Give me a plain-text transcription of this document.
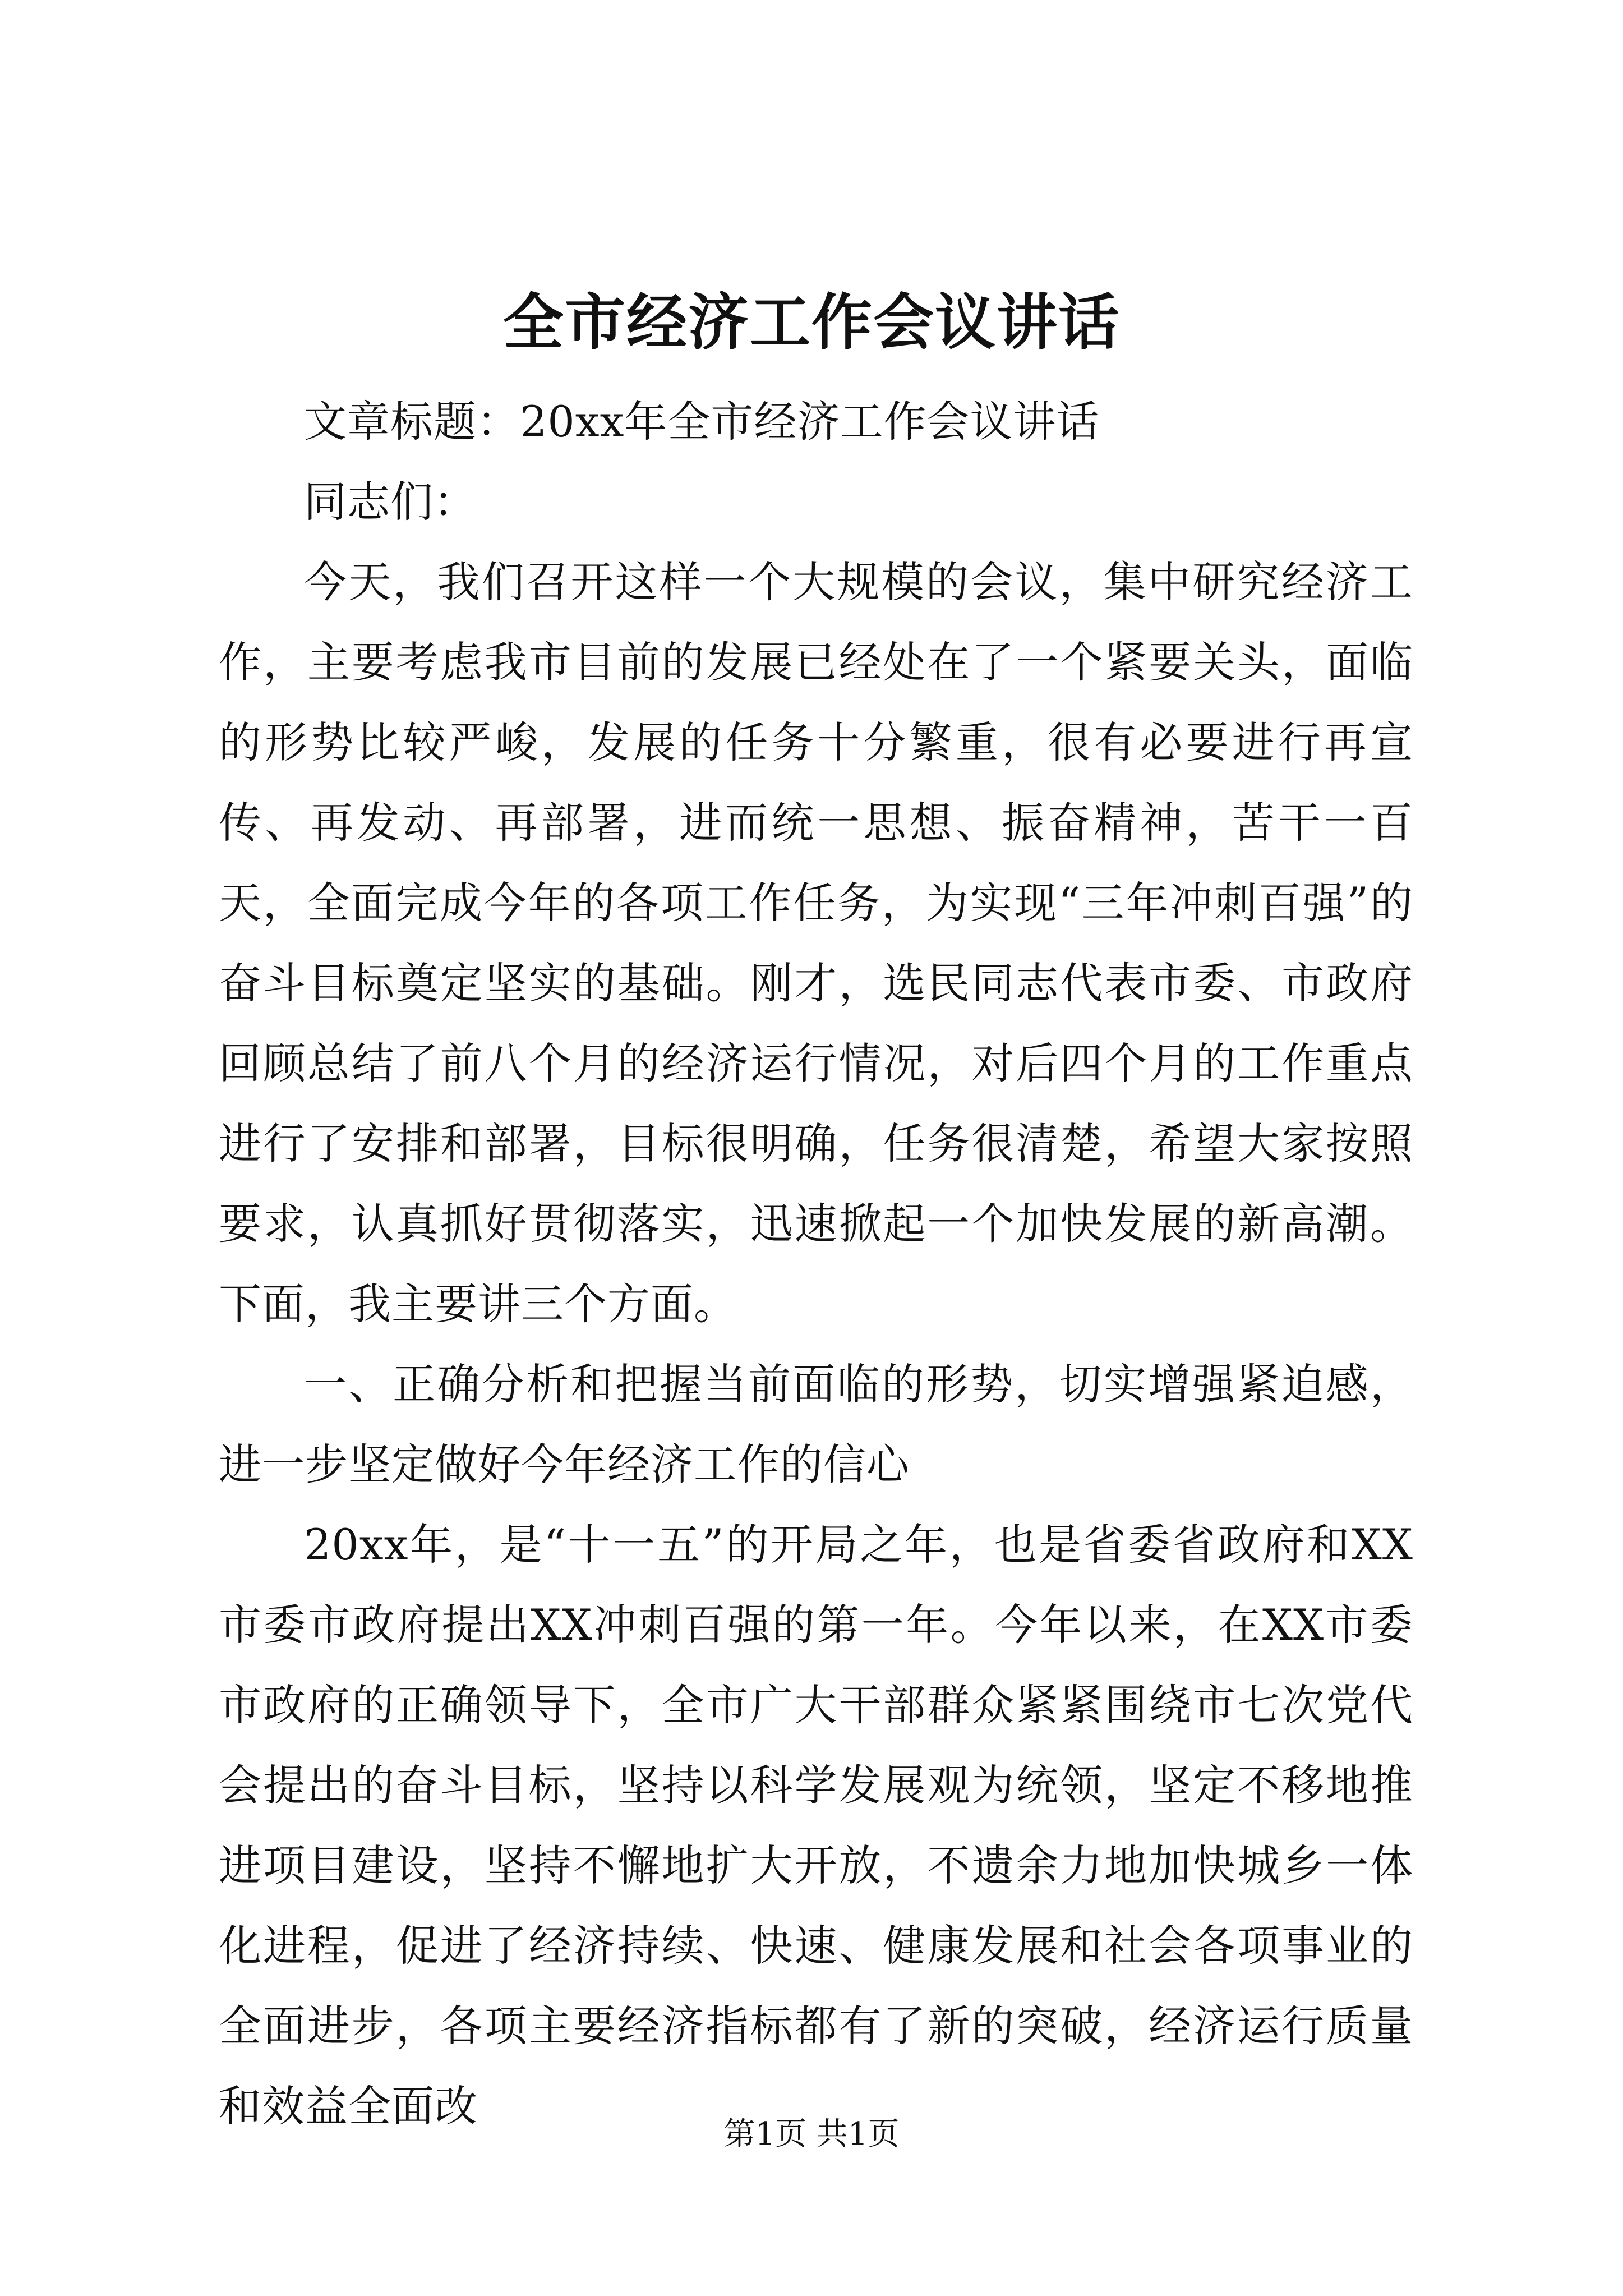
全市经济工作会议讲话

文章标题：20xx年全市经济工作会议讲话

同志们：

今天，我们召开这样一个大规模的会议，集中研究经济工作，主要考虑我市目前的发展已经处在了一个紧要关头，面临的形势比较严峻，发展的任务十分繁重，很有必要进行再宣传、再发动、再部署，进而统一思想、振奋精神，苦干一百天，全面完成今年的各项工作任务，为实现“三年冲刺百强”的奋斗目标奠定坚实的基础。刚才，选民同志代表市委、市政府回顾总结了前八个月的经济运行情况，对后四个月的工作重点进行了安排和部署，目标很明确，任务很清楚，希望大家按照要求，认真抓好贯彻落实，迅速掀起一个加快发展的新高潮。下面，我主要讲三个方面。

一、正确分析和把握当前面临的形势，切实增强紧迫感，进一步坚定做好今年经济工作的信心

20xx年，是“十一五”的开局之年，也是省委省政府和XX市委市政府提出XX冲刺百强的第一年。今年以来，在XX市委市政府的正确领导下，全市广大干部群众紧紧围绕市七次党代会提出的奋斗目标，坚持以科学发展观为统领，坚定不移地推进项目建设，坚持不懈地扩大开放，不遗余力地加快城乡一体化进程，促进了经济持续、快速、健康发展和社会各项事业的全面进步，各项主要经济指标都有了新的突破，经济运行质量和效益全面改

第1页 共1页
